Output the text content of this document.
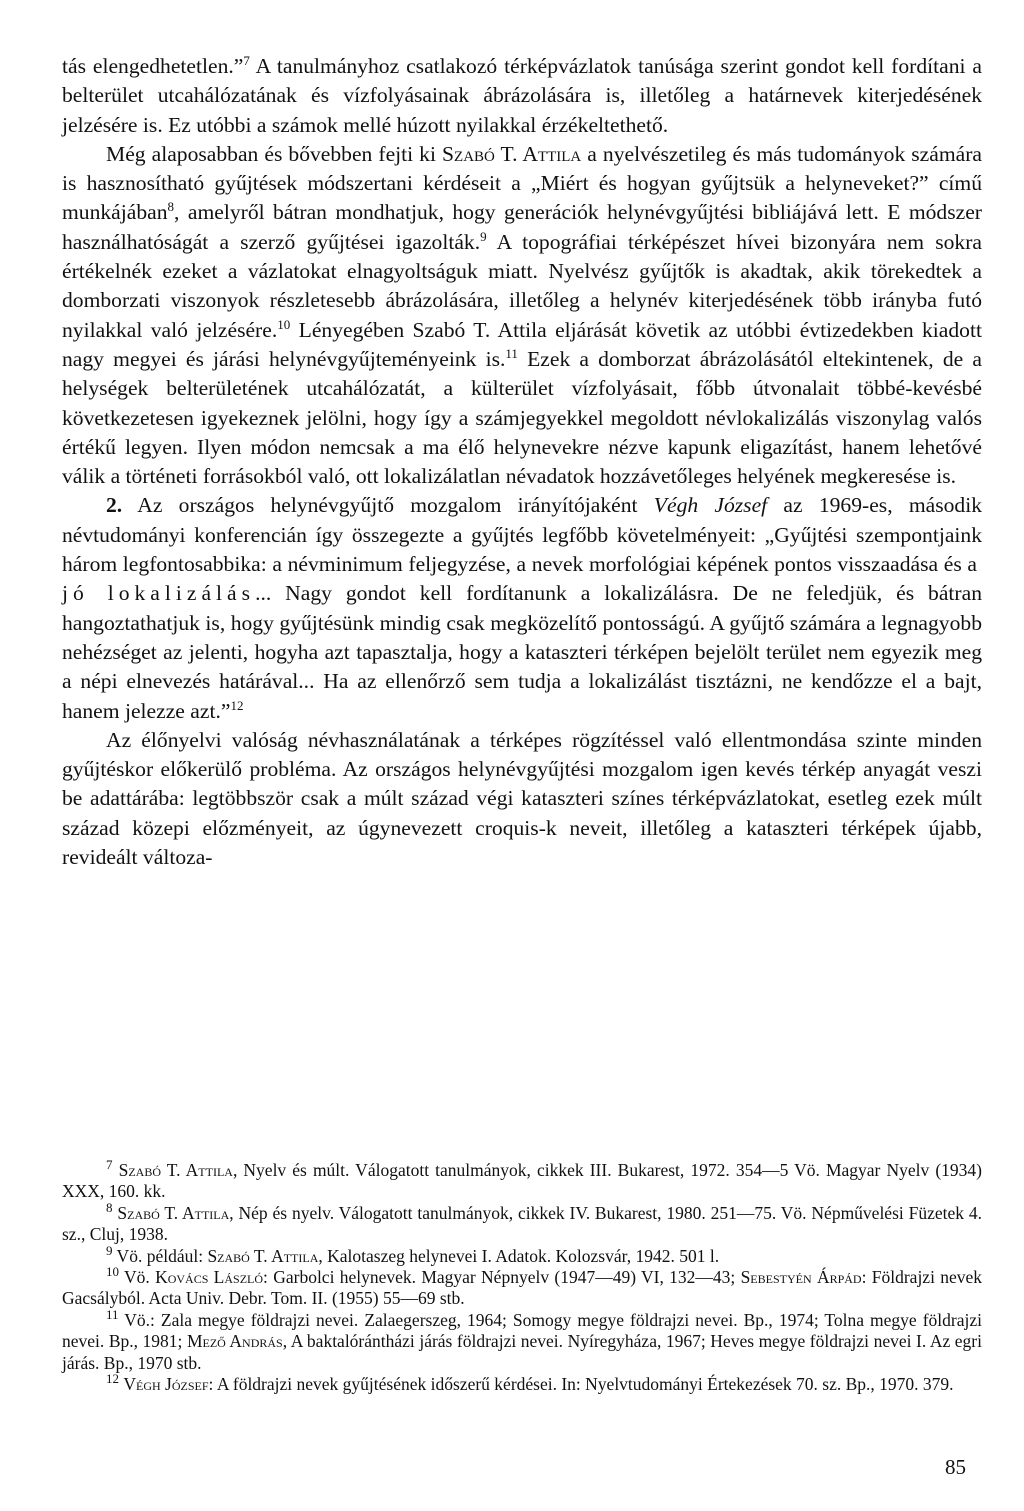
tás elengedhetetlen.”$^7$ A tanulmányhoz csatlakozó térképvázlatok tanúsága szerint gondot kell fordítani a belterület utcahálózatának és vízfolyásainak ábrázolására is, illetőleg a határnevek kiterjedésének jelzésére is. Ez utóbbi a számok mellé húzott nyilakkal érzékeltethető.

Még alaposabban és bővebben fejti ki Szabó T. Attila a nyelvészetileg és más tudományok számára is hasznosítható gyűjtések módszertani kérdéseit a „Miért és hogyan gyűjtsük a helyneveket?” című munkájában$^8$, amelyről bátran mondhatjuk, hogy generációk helynévgyűjtési bibliájává lett. E módszer használhatóságát a szerző gyűjtései igazolták.$^9$ A topográfiai térképészet hívei bizonyára nem sokra értékelnék ezeket a vázlatokat elnagyoltságuk miatt. Nyelvész gyűjtők is akadtak, akik törekedtek a domborzati viszonyok részletesebb ábrázolására, illetőleg a helynév kiterjedésének több irányba futó nyilakkal való jelzésére.$^{10}$ Lényegében Szabó T. Attila eljárását követik az utóbbi évtizedekben kiadott nagy megyei és járási helynévgyűjteményeink is.$^{11}$ Ezek a domborzat ábrázolásától eltekintenek, de a helységek belterületének utcahálózatát, a külterület vízfolyásait, főbb útvonalait többé-kevésbé következetesen igyekeznek jelölni, hogy így a számjegyekkel megoldott névlokalizálás viszonylag valós értékű legyen. Ilyen módon nemcsak a ma élő helynevekre nézve kapunk eligazítást, hanem lehetővé válik a történeti forrásokból való, ott lokalizálatlan névadatok hozzávetőleges helyének megkeresése is.

2. Az országos helynévgyűjtő mozgalom irányítójaként Végh József az 1969-es, második névtudományi konferencián így összegezte a gyűjtés legfőbb követelményeit: „Gyűjtési szempontjaink három legfontosabbika: a névminimum feljegyzése, a nevek morfológiai képének pontos visszaadása és a jó lokalizálás... Nagy gondot kell fordítanunk a lokalizálásra. De ne feledjük, és bátran hangoztathatjuk is, hogy gyűjtésünk mindig csak megközelítő pontosságú. A gyűjtő számára a legnagyobb nehézséget az jelenti, hogyha azt tapasztalja, hogy a kataszteri térképen bejelölt terület nem egyezik meg a népi elnevezés határával... Ha az ellenőrző sem tudja a lokalizálást tisztázni, ne kendőzze el a bajt, hanem jelezze azt.”$^{12}$

Az élőnyelvi valóság névhasználatának a térképes rögzítéssel való ellentmondása szinte minden gyűjtéskor előkerülő probléma. Az országos helynévgyűjtési mozgalom igen kevés térkép anyagát veszi be adattárába: legtöbbször csak a múlt század végi kataszteri színes térképvázlatokat, esetleg ezek múlt század közepi előzményeit, az úgynevezett croquis-k neveit, illetőleg a kataszteri térképek újabb, revideált változa-

$^7$ Szabó T. Attila, Nyelv és múlt. Válogatott tanulmányok, cikkek III. Bukarest, 1972. 354—5 Vö. Magyar Nyelv (1934) XXX, 160. kk.

$^8$ Szabó T. Attila, Nép és nyelv. Válogatott tanulmányok, cikkek IV. Bukarest, 1980. 251—75. Vö. Népművelési Füzetek 4. sz., Cluj, 1938.

$^9$ Vö. például: Szabó T. Attila, Kalotaszeg helynevei I. Adatok. Kolozsvár, 1942. 501 l.

$^{10}$ Vö. Kovács László: Garbolci helynevek. Magyar Népnyelv (1947—49) VI, 132—43; Sebestyén Árpád: Földrajzi nevek Gacsályból. Acta Univ. Debr. Tom. II. (1955) 55—69 stb.

$^{11}$ Vö.: Zala megye földrajzi nevei. Zalaegerszeg, 1964; Somogy megye földrajzi nevei. Bp., 1974; Tolna megye földrajzi nevei. Bp., 1981; Mező András, A baktalórántházi járás földrajzi nevei. Nyíregyháza, 1967; Heves megye földrajzi nevei I. Az egri járás. Bp., 1970 stb.

$^{12}$ Végh József: A földrajzi nevek gyűjtésének időszerű kérdései. In: Nyelvtudományi Értekezések 70. sz. Bp., 1970. 379.

85
